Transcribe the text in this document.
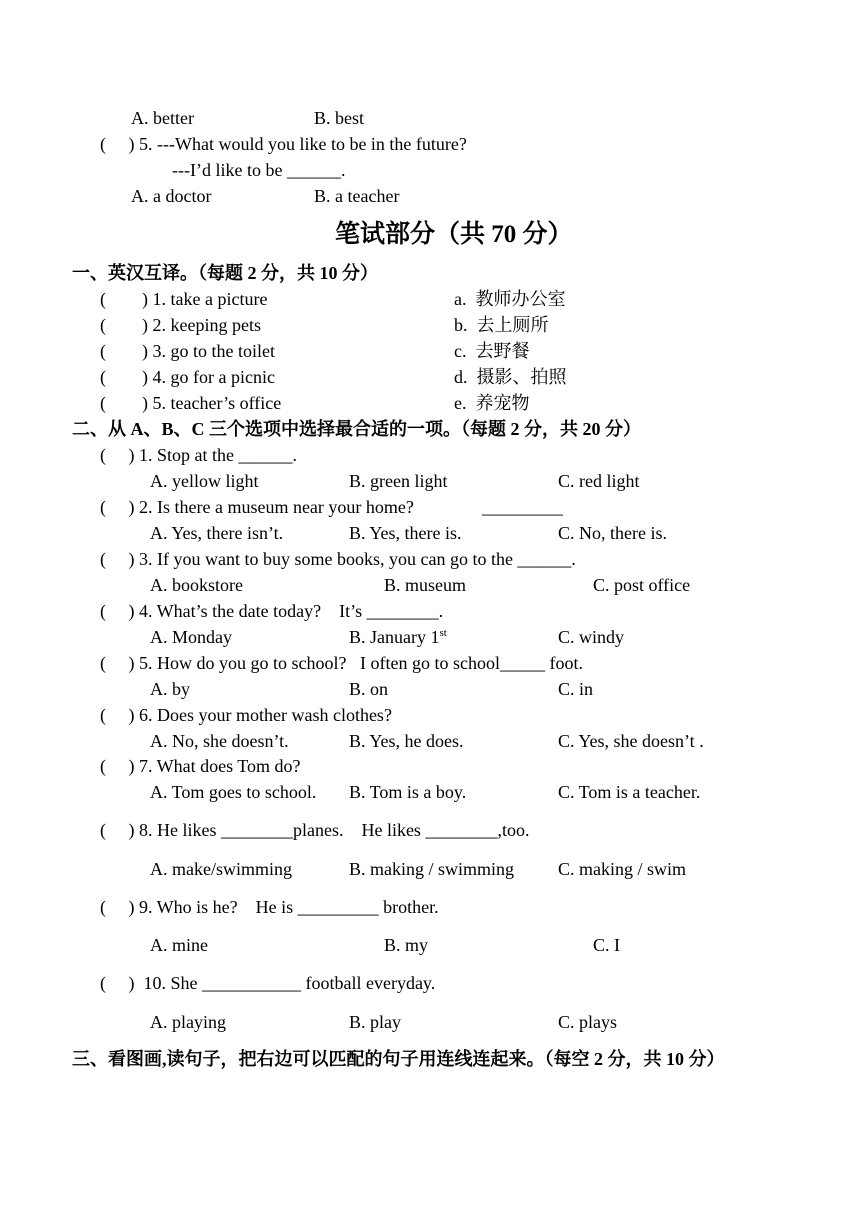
A. better	B. best
(　 ) 5. ---What would you like to be in the future?
---I’d like to be ______.
A. a doctor	B. a teacher
笔试部分（共 70 分）
一、英汉互译。（每题 2 分，共 10 分）
(　　) 1. take a picture	a.  教师办公室
(　　) 2. keeping pets	b.  去上厕所
(　　) 3. go to the toilet	c.  去野餐
(　　) 4. go for a picnic	d.  摄影、拍照
(　　) 5. teacher’s office	e.  养宠物
二、从 A、B、C 三个选项中选择最合适的一项。（每题 2 分，共 20 分）
(　 ) 1. Stop at the ______.
A. yellow light	B. green light	C. red light
(　 ) 2. Is there a museum near your home?	_________
A. Yes, there isn’t.	B. Yes, there is.	C. No, there is.
(　 ) 3. If you want to buy some books, you can go to the ______.
A. bookstore	B. museum	C. post office
(　 ) 4. What’s the date today?    It’s ________.
A. Monday	B. January 1st	C. windy
(　 ) 5. How do you go to school?   I often go to school_____ foot.
A. by	B. on	C. in
(　 ) 6. Does your mother wash clothes?
A. No, she doesn’t.	B. Yes, he does.	C. Yes, she doesn’t .
(　 ) 7. What does Tom do?
A. Tom goes to school. B. Tom is a boy.	C. Tom is a teacher.
(　 ) 8. He likes ________planes.    He likes ________,too.
A. make/swimming	B. making / swimming C. making / swim
(　 ) 9. Who is he?    He is _________ brother.
A. mine	B. my	C. I
(　 )  10. She ___________ football everyday.
A. playing	B. play	C. plays
三、看图画,读句子，把右边可以匹配的句子用连线连起来。（每空 2 分，共 10 分）
